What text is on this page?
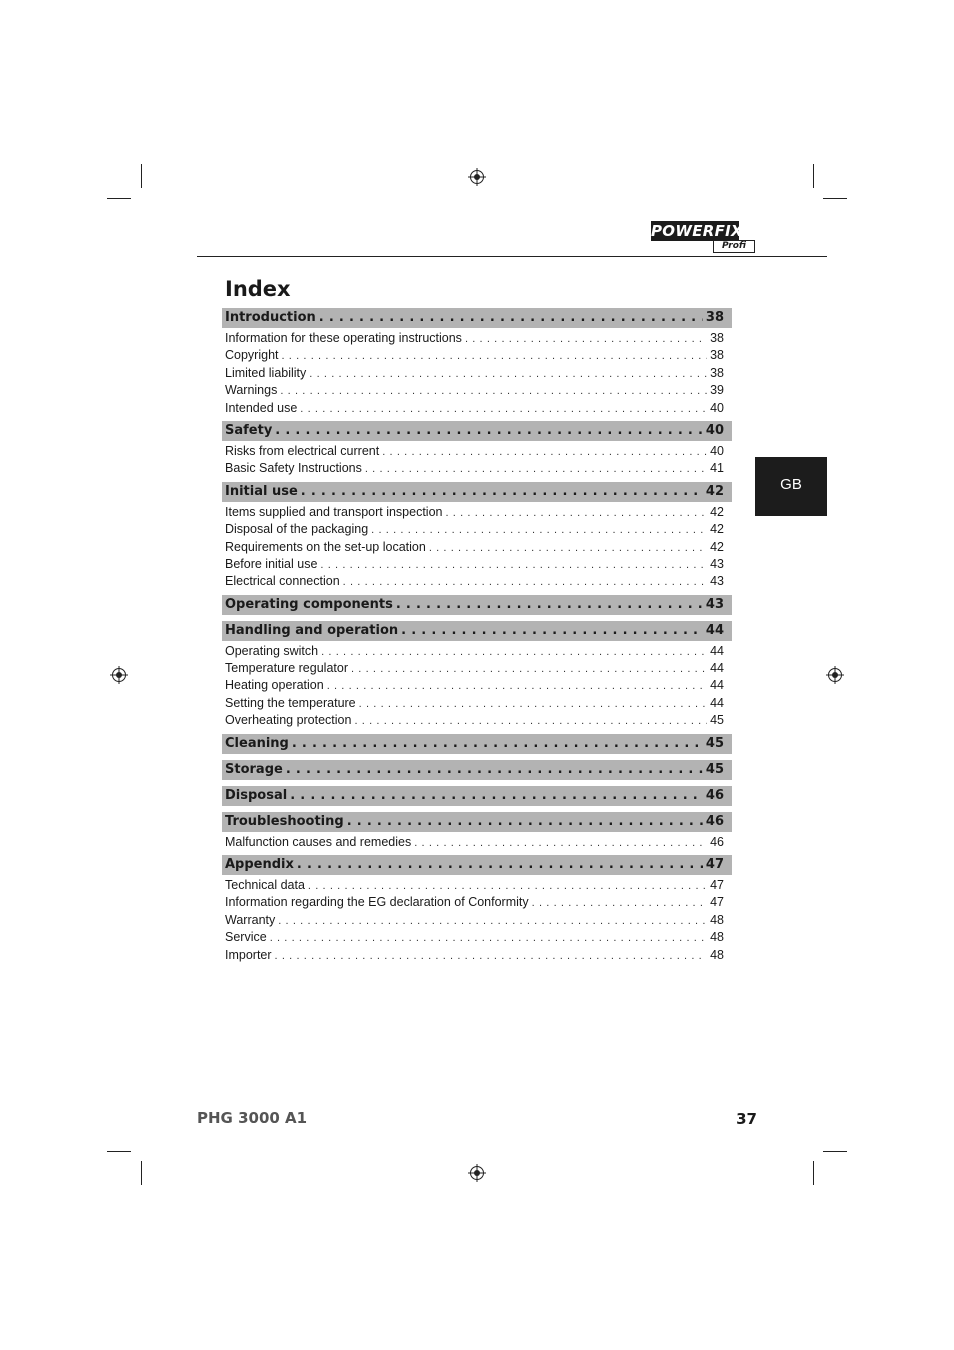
POWERFIX
Profi
Index
Introduction . . .	38
Information for these operating instructions . . .	38
Copyright . . .	38
Limited liability . . .	38
Warnings . . .	39
Intended use . . .	40
Safety . . .	40
Risks from electrical current . . .	40
Basic Safety Instructions . . .	41
Initial use . . .	42
Items supplied and transport inspection . . .	42
Disposal of the packaging . . .	42
Requirements on the set-up location . . .	42
Before initial use . . .	43
Electrical connection . . .	43
Operating components . . .	43
Handling and operation . . .	44
Operating switch . . .	44
Temperature regulator . . .	44
Heating operation . . .	44
Setting the temperature . . .	44
Overheating protection . . .	45
Cleaning . . .	45
Storage . . .	45
Disposal . . .	46
Troubleshooting . . .	46
Malfunction causes and remedies . . .	46
Appendix . . .	47
Technical data . . .	47
Information regarding the EG declaration of Conformity . . .	47
Warranty . . .	48
Service . . .	48
Importer . . .	48
GB
PHG 3000 A1	37
